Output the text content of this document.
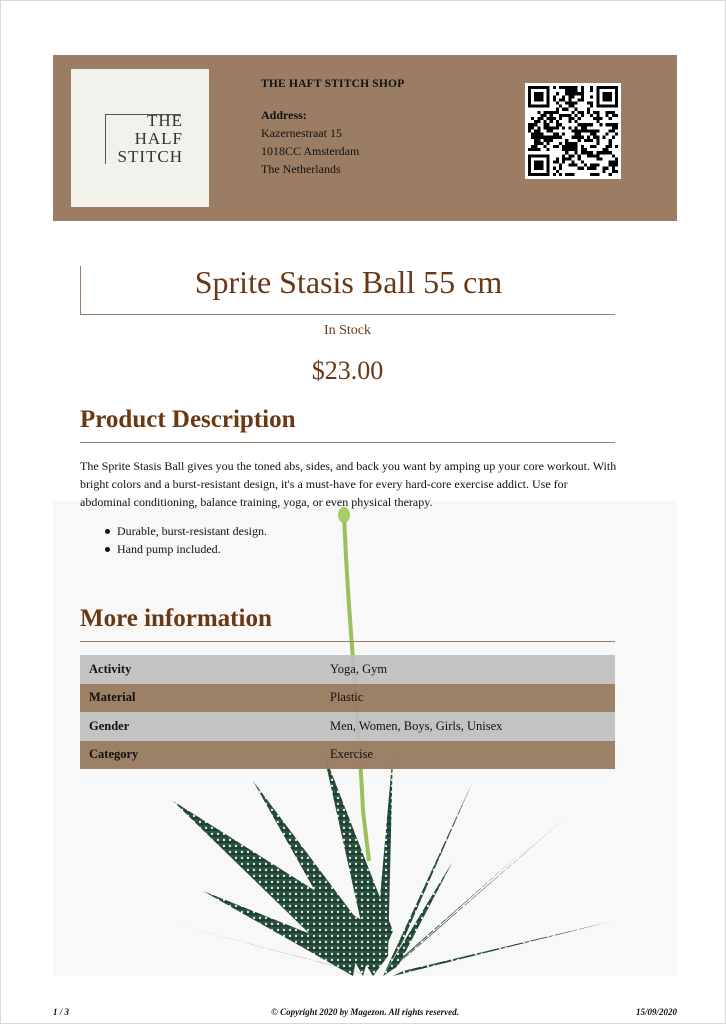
THE
HALF
STITCH
THE HAFT STITCH SHOP
Address:
Kazernestraat 15
1018CC Amsterdam
The Netherlands
Sprite Stasis Ball 55 cm
In Stock
$23.00
Product Description
The Sprite Stasis Ball gives you the toned abs, sides, and back you want by amping up your core workout. With bright colors and a burst-resistant design, it's a must-have for every hard-core exercise addict. Use for abdominal conditioning, balance training, yoga, or even physical therapy.
Durable, burst-resistant design.
Hand pump included.
More information
Activity	Yoga, Gym
Material	Plastic
Gender	Men, Women, Boys, Girls, Unisex
Category	Exercise
1 / 3	© Copyright 2020 by Magezon. All rights reserved.	15/09/2020
